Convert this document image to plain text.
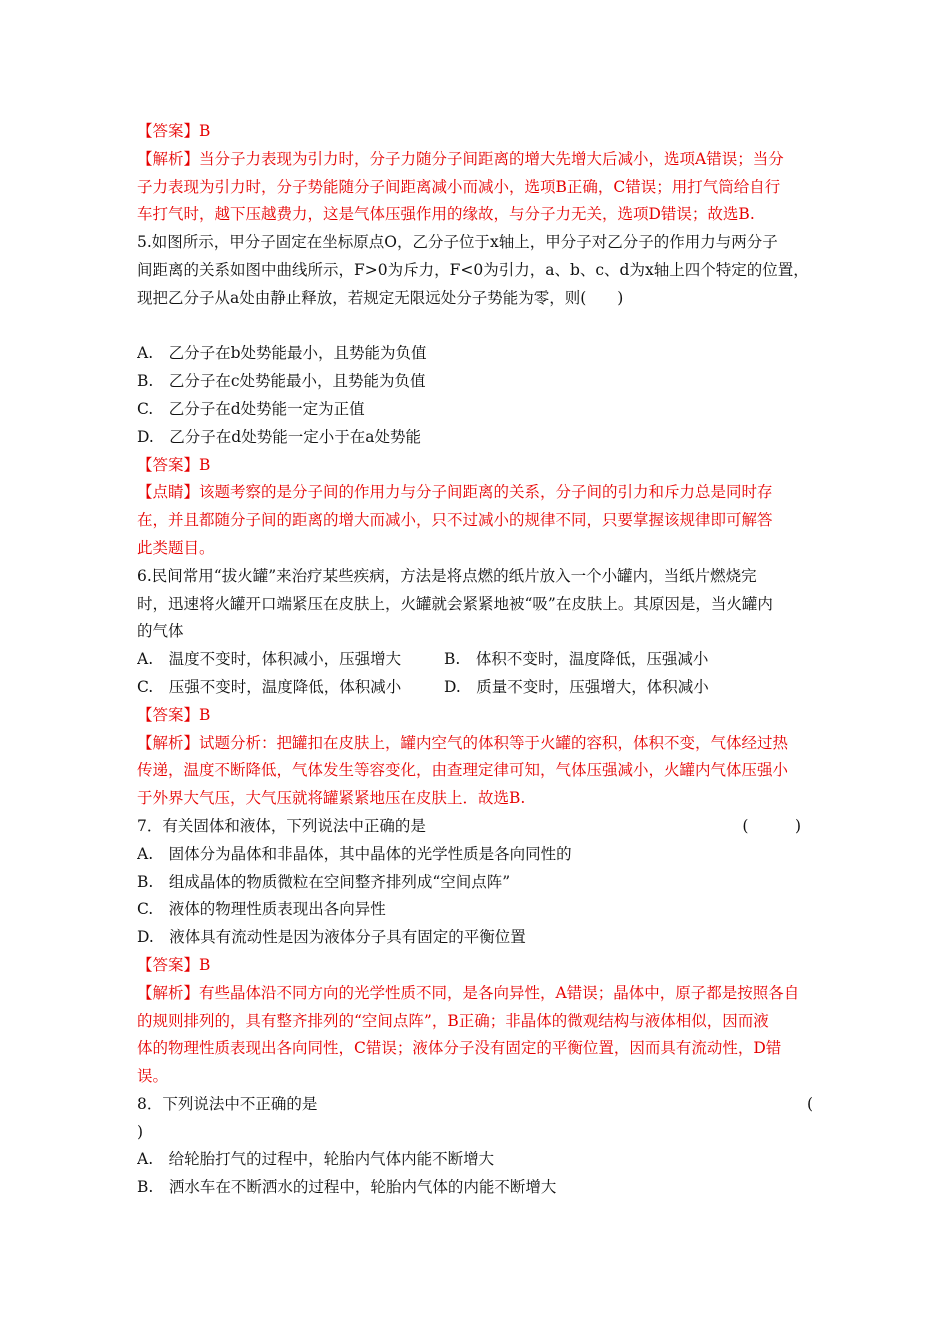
【答案】B
【解析】当分子力表现为引力时，分子力随分子间距离的增大先增大后减小，选项A错误；当分
子力表现为引力时，分子势能随分子间距离减小而减小，选项B正确，C错误；用打气筒给自行
车打气时，越下压越费力，这是气体压强作用的缘故，与分子力无关，选项D错误；故选B.
5.如图所示，甲分子固定在坐标原点O，乙分子位于x轴上，甲分子对乙分子的作用力与两分子
间距离的关系如图中曲线所示，F>0为斥力，F<0为引力，a、b、c、d为x轴上四个特定的位置，
现把乙分子从a处由静止释放，若规定无限远处分子势能为零，则(　　)
A.　乙分子在b处势能最小，且势能为负值
B.　乙分子在c处势能最小，且势能为负值
C.　乙分子在d处势能一定为正值
D.　乙分子在d处势能一定小于在a处势能
【答案】B
【点睛】该题考察的是分子间的作用力与分子间距离的关系，分子间的引力和斥力总是同时存
在，并且都随分子间的距离的增大而减小，只不过减小的规律不同，只要掌握该规律即可解答
此类题目。
6.民间常用“拔火罐”来治疗某些疾病，方法是将点燃的纸片放入一个小罐内，当纸片燃烧完
时，迅速将火罐开口端紧压在皮肤上，火罐就会紧紧地被“吸”在皮肤上。其原因是，当火罐内
的气体
A.　温度不变时，体积减小，压强增大	B.　体积不变时，温度降低，压强减小
C.　压强不变时，温度降低，体积减小	D.　质量不变时，压强增大，体积减小
【答案】B
【解析】试题分析：把罐扣在皮肤上，罐内空气的体积等于火罐的容积，体积不变，气体经过热
传递，温度不断降低，气体发生等容变化，由查理定律可知，气体压强减小，火罐内气体压强小
于外界大气压，大气压就将罐紧紧地压在皮肤上．故选B.
7．有关固体和液体，下列说法中正确的是	(　　　)
A.　固体分为晶体和非晶体，其中晶体的光学性质是各向同性的
B.　组成晶体的物质微粒在空间整齐排列成“空间点阵”
C.　液体的物理性质表现出各向异性
D.　液体具有流动性是因为液体分子具有固定的平衡位置
【答案】B
【解析】有些晶体沿不同方向的光学性质不同，是各向异性，A错误；晶体中，原子都是按照各自
的规则排列的，具有整齐排列的“空间点阵”，B正确；非晶体的微观结构与液体相似，因而液
体的物理性质表现出各向同性，C错误；液体分子没有固定的平衡位置，因而具有流动性，D错
误。
8．下列说法中不正确的是	(
)
A.　给轮胎打气的过程中，轮胎内气体内能不断增大
B.　洒水车在不断洒水的过程中，轮胎内气体的内能不断增大
